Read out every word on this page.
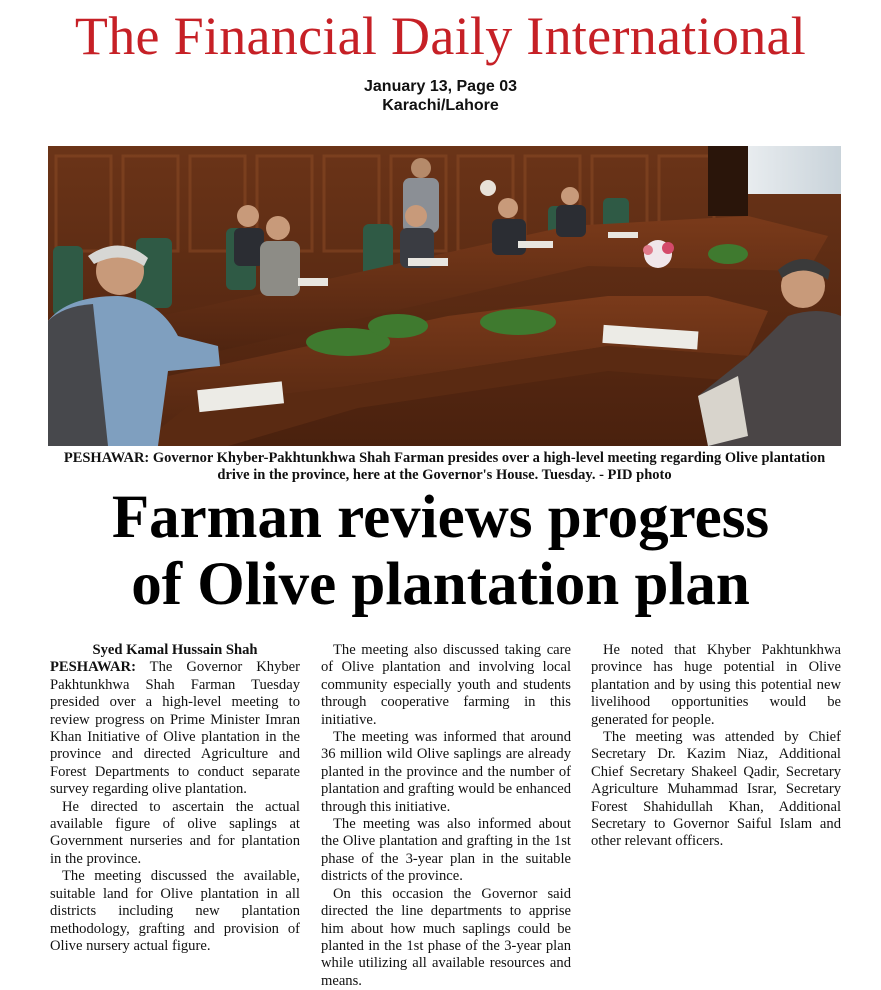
The Financial Daily International
January 13, Page 03
Karachi/Lahore
PESHAWAR: Governor Khyber-Pakhtunkhwa Shah Farman presides over a high-level meeting regarding Olive plantation drive in the province, here at the Governor's House. Tuesday. - PID photo
Farman reviews progress
of Olive plantation plan

Syed Kamal Hussain Shah

PESHAWAR: The Governor Khyber Pakhtunkhwa Shah Farman Tuesday presided over a high-level meeting to review progress on Prime Minister Imran Khan Initiative of Olive plantation in the province and directed Agriculture and Forest Departments to conduct separate survey regarding olive plantation.

He directed to ascertain the actual available figure of olive saplings at Government nurseries and for plantation in the province.

The meeting discussed the available, suitable land for Olive plantation in all districts including new plantation methodology, grafting and provision of Olive nursery actual figure.

The meeting also discussed taking care of Olive plantation and involving local community especially youth and students through cooperative farming in this initiative.

The meeting was informed that around 36 million wild Olive saplings are already planted in the province and the number of plantation and grafting would be enhanced through this initiative.

The meeting was also informed about the Olive plantation and grafting in the 1st phase of the 3-year plan in the suitable districts of the province.

On this occasion the Governor said directed the line departments to apprise him about how much saplings could be planted in the 1st phase of the 3-year plan while utilizing all available resources and means.

He noted that Khyber Pakhtunkhwa province has huge potential in Olive plantation and by using this potential new livelihood opportunities would be generated for people.

The meeting was attended by Chief Secretary Dr. Kazim Niaz, Additional Chief Secretary Shakeel Qadir, Secretary Agriculture Muhammad Israr, Secretary Forest Shahidullah Khan, Additional Secretary to Governor Saiful Islam and other relevant officers.
